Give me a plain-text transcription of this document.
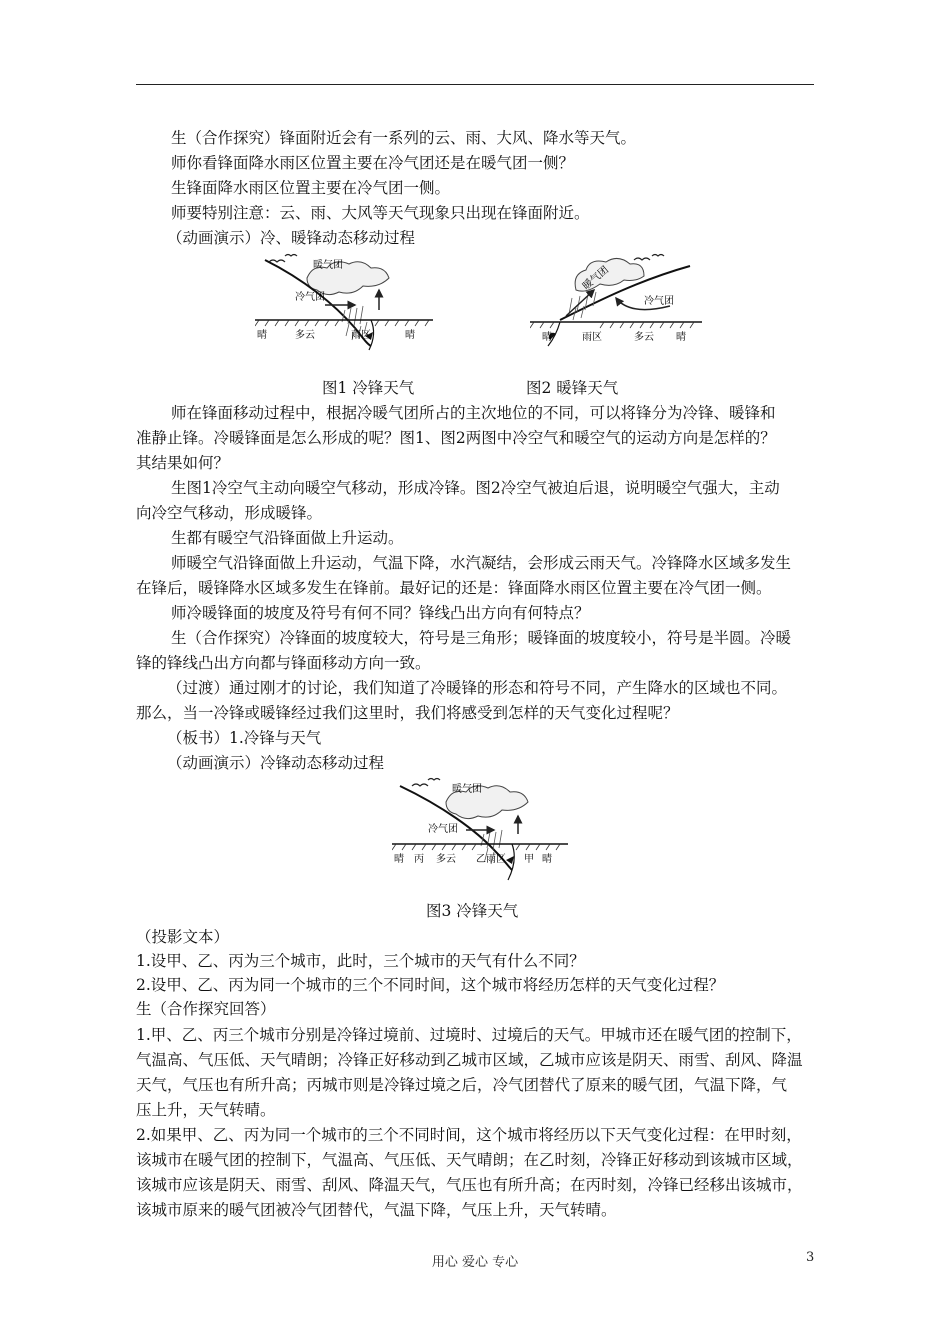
生（合作探究）锋面附近会有一系列的云、雨、大风、降水等天气。
师你看锋面降水雨区位置主要在冷气团还是在暖气团一侧？
生锋面降水雨区位置主要在冷气团一侧。
师要特别注意：云、雨、大风等天气现象只出现在锋面附近。
（动画演示）冷、暖锋动态移动过程
暖气团
冷气团
晴	多云	雨区	晴
暖气团
冷气团
晴	雨区	多云 晴
图1 冷锋天气	图2 暖锋天气
师在锋面移动过程中，根据冷暖气团所占的主次地位的不同，可以将锋分为冷锋、暖锋和
准静止锋。冷暖锋面是怎么形成的呢？图1、图2两图中冷空气和暖空气的运动方向是怎样的？
其结果如何？
生图1冷空气主动向暖空气移动，形成冷锋。图2冷空气被迫后退，说明暖空气强大，主动
向冷空气移动，形成暖锋。
生都有暖空气沿锋面做上升运动。
师暖空气沿锋面做上升运动，气温下降，水汽凝结，会形成云雨天气。冷锋降水区域多发生
在锋后，暖锋降水区域多发生在锋前。最好记的还是：锋面降水雨区位置主要在冷气团一侧。
师冷暖锋面的坡度及符号有何不同？锋线凸出方向有何特点？
生（合作探究）冷锋面的坡度较大，符号是三角形；暖锋面的坡度较小，符号是半圆。冷暖
锋的锋线凸出方向都与锋面移动方向一致。
（过渡）通过刚才的讨论，我们知道了冷暖锋的形态和符号不同，产生降水的区域也不同。
那么，当一冷锋或暖锋经过我们这里时，我们将感受到怎样的天气变化过程呢？
（板书）1.冷锋与天气
（动画演示）冷锋动态移动过程
暖气团
冷气团
晴 丙 多云 乙雨区 甲 晴
图3 冷锋天气
（投影文本）
1.设甲、乙、丙为三个城市，此时，三个城市的天气有什么不同？
2.设甲、乙、丙为同一个城市的三个不同时间，这个城市将经历怎样的天气变化过程？
生（合作探究回答）
1.甲、乙、丙三个城市分别是冷锋过境前、过境时、过境后的天气。甲城市还在暖气团的控制下，
气温高、气压低、天气晴朗；冷锋正好移动到乙城市区域，乙城市应该是阴天、雨雪、刮风、降温
天气，气压也有所升高；丙城市则是冷锋过境之后，冷气团替代了原来的暖气团，气温下降，气
压上升，天气转晴。
2.如果甲、乙、丙为同一个城市的三个不同时间，这个城市将经历以下天气变化过程：在甲时刻，
该城市在暖气团的控制下，气温高、气压低、天气晴朗；在乙时刻，冷锋正好移动到该城市区域，
该城市应该是阴天、雨雪、刮风、降温天气，气压也有所升高；在丙时刻，冷锋已经移出该城市，
该城市原来的暖气团被冷气团替代，气温下降，气压上升，天气转晴。
用心 爱心 专心	3
